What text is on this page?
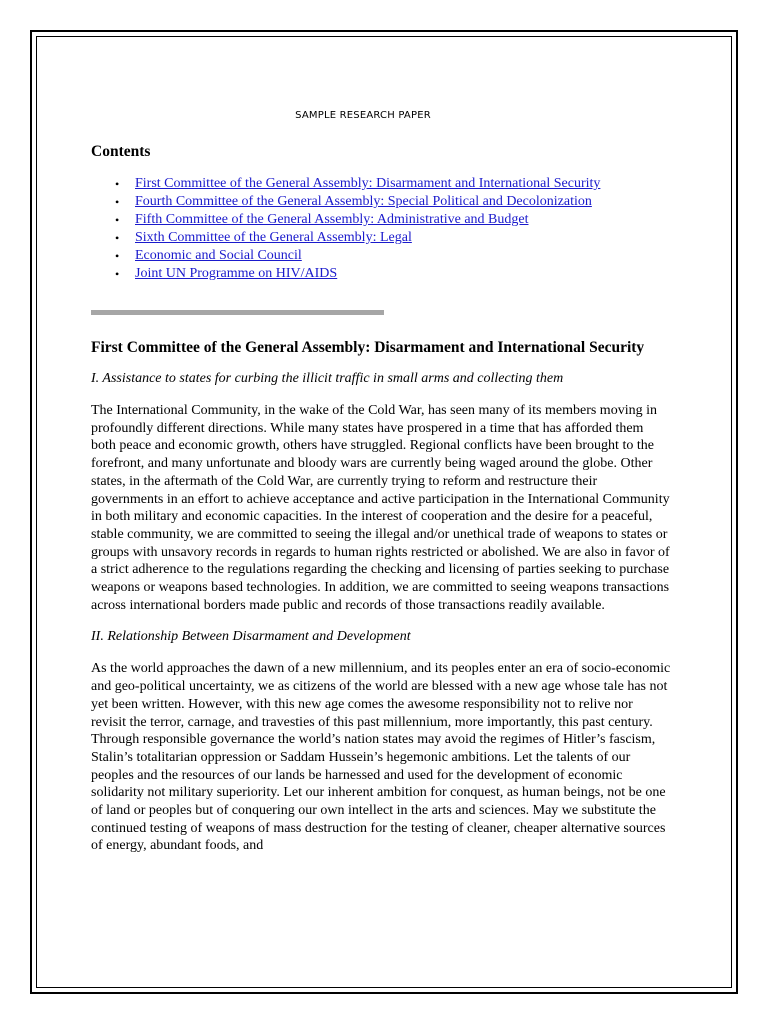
SAMPLE RESEARCH PAPER
Contents
• First Committee of the General Assembly: Disarmament and International Security
• Fourth Committee of the General Assembly: Special Political and Decolonization
• Fifth Committee of the General Assembly: Administrative and Budget
• Sixth Committee of the General Assembly: Legal
• Economic and Social Council
• Joint UN Programme on HIV/AIDS
First Committee of the General Assembly: Disarmament and International Security
I. Assistance to states for curbing the illicit traffic in small arms and collecting them
The International Community, in the wake of the Cold War, has seen many of its members moving in profoundly different directions. While many states have prospered in a time that has afforded them both peace and economic growth, others have struggled. Regional conflicts have been brought to the forefront, and many unfortunate and bloody wars are currently being waged around the globe. Other states, in the aftermath of the Cold War, are currently trying to reform and restructure their governments in an effort to achieve acceptance and active participation in the International Community in both military and economic capacities. In the interest of cooperation and the desire for a peaceful, stable community, we are committed to seeing the illegal and/or unethical trade of weapons to states or groups with unsavory records in regards to human rights restricted or abolished. We are also in favor of a strict adherence to the regulations regarding the checking and licensing of parties seeking to purchase weapons or weapons based technologies. In addition, we are committed to seeing weapons transactions across international borders made public and records of those transactions readily available.
II. Relationship Between Disarmament and Development
As the world approaches the dawn of a new millennium, and its peoples enter an era of socio-economic and geo-political uncertainty, we as citizens of the world are blessed with a new age whose tale has not yet been written. However, with this new age comes the awesome responsibility not to relive nor revisit the terror, carnage, and travesties of this past millennium, more importantly, this past century. Through responsible governance the world’s nation states may avoid the regimes of Hitler’s fascism, Stalin’s totalitarian oppression or Saddam Hussein’s hegemonic ambitions. Let the talents of our peoples and the resources of our lands be harnessed and used for the development of economic solidarity not military superiority. Let our inherent ambition for conquest, as human beings, not be one of land or peoples but of conquering our own intellect in the arts and sciences. May we substitute the continued testing of weapons of mass destruction for the testing of cleaner, cheaper alternative sources of energy, abundant foods, and
